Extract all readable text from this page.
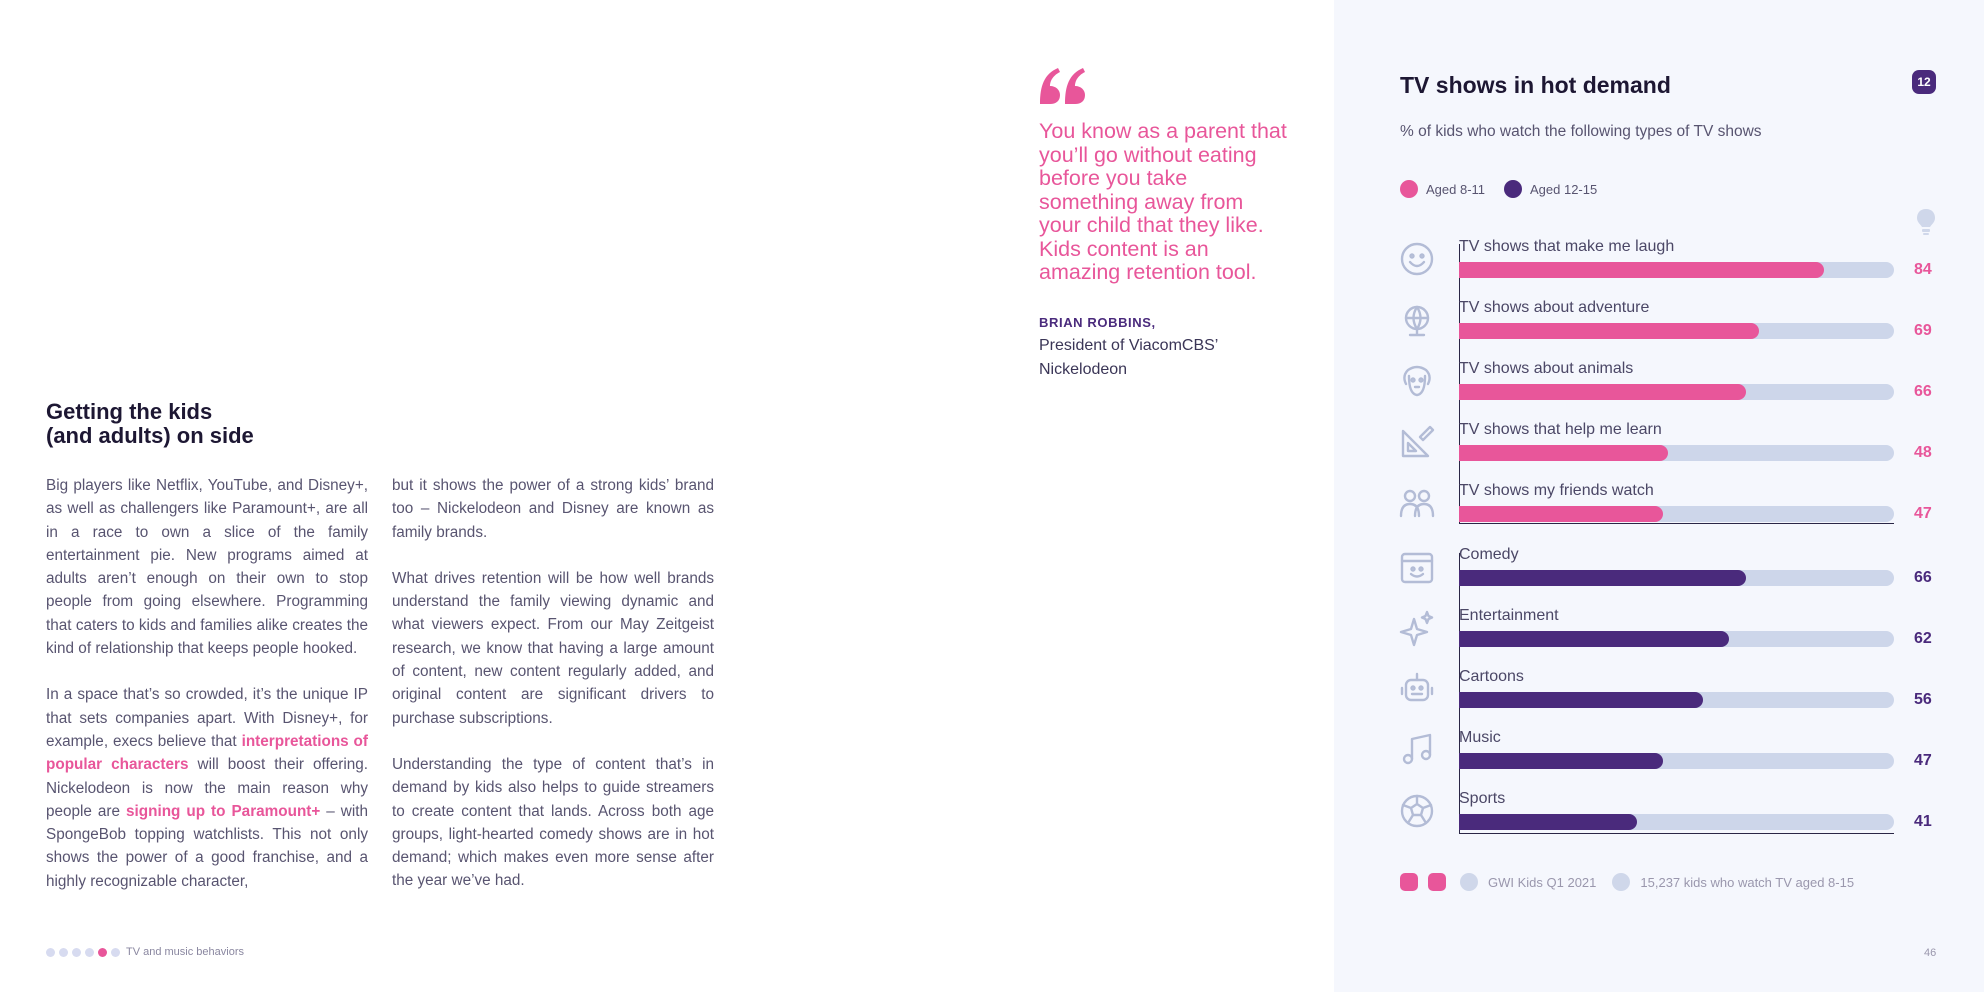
Getting the kids
(and adults) on side

Big players like Netflix, YouTube, and Disney+, as well as challengers like Paramount+, are all in a race to own a slice of the family entertainment pie. New programs aimed at adults aren’t enough on their own to stop people from going elsewhere. Programming that caters to kids and families alike creates the kind of relationship that keeps people hooked.

In a space that’s so crowded, it’s the unique IP that sets companies apart. With Disney+, for example, execs believe that interpretations of popular characters will boost their offering. Nickelodeon is now the main reason why people are signing up to Paramount+ – with SpongeBob topping watchlists. This not only shows the power of a good franchise, and a highly recognizable character,

but it shows the power of a strong kids’ brand too – Nickelodeon and Disney are known as family brands.

What drives retention will be how well brands understand the family viewing dynamic and what viewers expect. From our May Zeitgeist research, we know that having a large amount of content, new content regularly added, and original content are significant drivers to purchase subscriptions.

Understanding the type of content that’s in demand by kids also helps to guide streamers to create content that lands. Across both age groups, light-hearted comedy shows are in hot demand; which makes even more sense after the year we’ve had.

You know as a parent that you’ll go without eating before you take something away from your child that they like. Kids content is an amazing retention tool.

BRIAN ROBBINS,
President of ViacomCBS’ Nickelodeon
TV shows in hot demand	12
% of kids who watch the following types of TV shows
Aged 8-11	Aged 12-15
TV shows that make me laugh
84
TV shows about adventure
69
TV shows about animals
66
TV shows that help me learn
48
TV shows my friends watch
47
Comedy
66
Entertainment
62
Cartoons
56
Music
47
Sports
41
GWI Kids Q1 2021	15,237 kids who watch TV aged 8-15
46
TV and music behaviors
